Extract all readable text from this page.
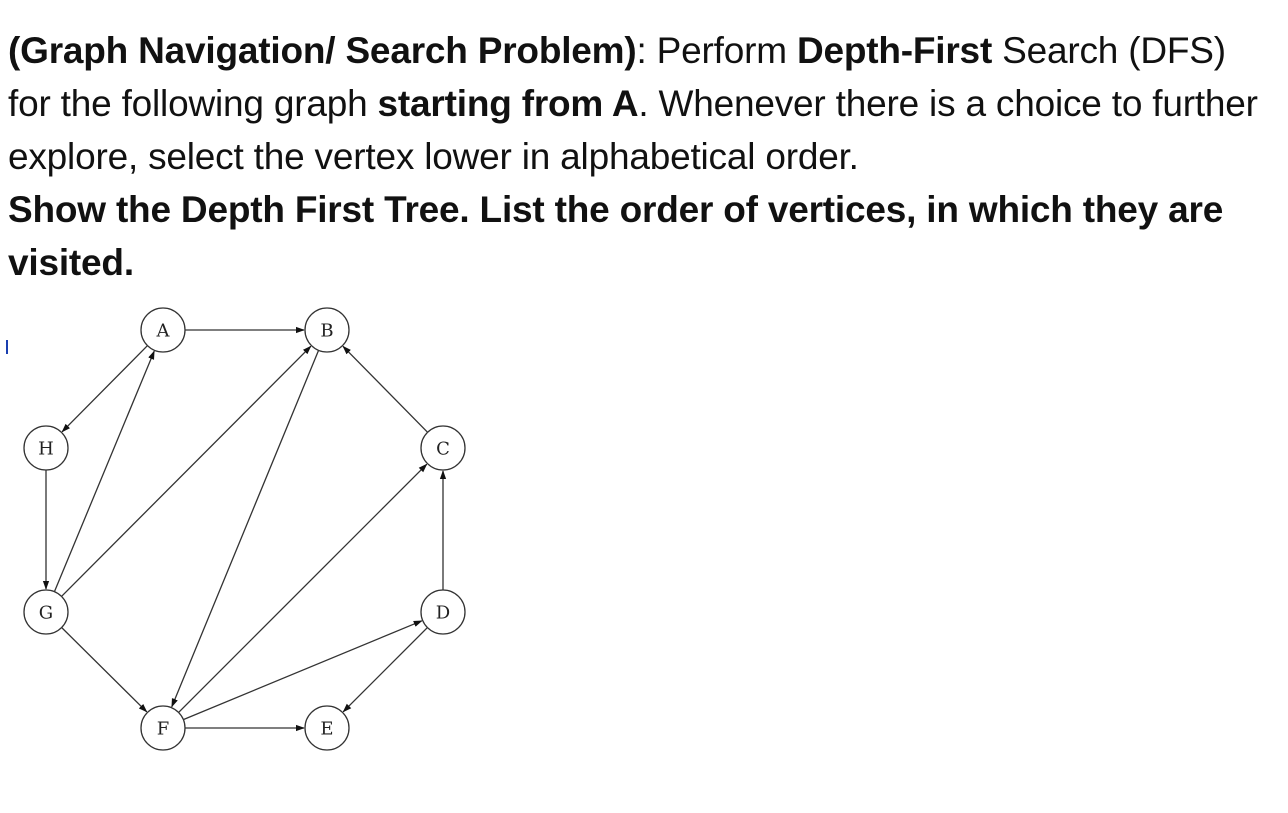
(Graph Navigation/ Search Problem): Perform Depth-First Search (DFS) for the following graph starting from A. Whenever there is a choice to further explore, select the vertex lower in alphabetical order.
Show the Depth First Tree. List the order of vertices, in which they are visited.
A	B
C
D
E
F
G
H
